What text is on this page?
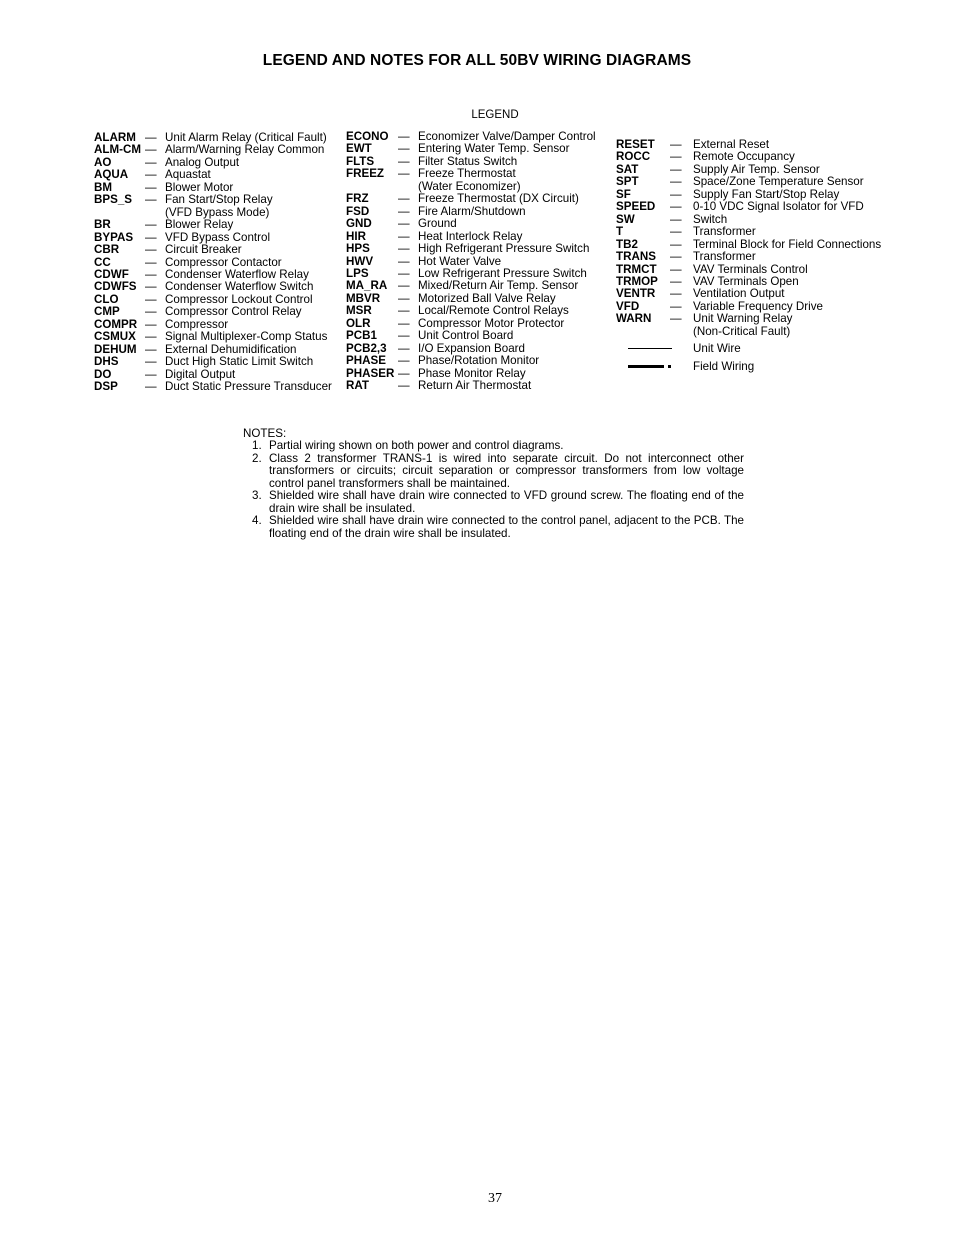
LEGEND AND NOTES FOR ALL 50BV WIRING DIAGRAMS
LEGEND
ALARM — Unit Alarm Relay (Critical Fault)
ALM-CM — Alarm/Warning Relay Common
AO	— Analog Output
AQUA	— Aquastat
BM	— Blower Motor
BPS_S	— Fan Start/Stop Relay
(VFD Bypass Mode)
BR	— Blower Relay
BYPAS	— VFD Bypass Control
CBR	— Circuit Breaker
CC	— Compressor Contactor
CDWF	— Condenser Waterflow Relay
CDWFS — Condenser Waterflow Switch
CLO	— Compressor Lockout Control
CMP	— Compressor Control Relay
COMPR — Compressor
CSMUX — Signal Multiplexer-Comp Status
DEHUM — External Dehumidification
DHS	— Duct High Static Limit Switch
DO	— Digital Output
DSP	— Duct Static Pressure Transducer
ECONO — Economizer Valve/Damper Control
EWT	— Entering Water Temp. Sensor
FLTS	— Filter Status Switch
FREEZ	— Freeze Thermostat
(Water Economizer)
FRZ	— Freeze Thermostat (DX Circuit)
FSD	— Fire Alarm/Shutdown
GND	— Ground
HIR	— Heat Interlock Relay
HPS	— High Refrigerant Pressure Switch
HWV	— Hot Water Valve
LPS	— Low Refrigerant Pressure Switch
MA_RA — Mixed/Return Air Temp. Sensor
MBVR	— Motorized Ball Valve Relay
MSR	— Local/Remote Control Relays
OLR	— Compressor Motor Protector
PCB1	— Unit Control Board
PCB2,3 — I/O Expansion Board
PHASE	— Phase/Rotation Monitor
PHASER — Phase Monitor Relay
RAT	— Return Air Thermostat
RESET	— External Reset
ROCC	— Remote Occupancy
SAT	— Supply Air Temp. Sensor
SPT	— Space/Zone Temperature Sensor
SF	— Supply Fan Start/Stop Relay
SPEED	— 0-10 VDC Signal Isolator for VFD
SW	— Switch
T	— Transformer
TB2	— Terminal Block for Field Connections
TRANS	— Transformer
TRMCT	— VAV Terminals Control
TRMOP	— VAV Terminals Open
VENTR	— Ventilation Output
VFD	— Variable Frequency Drive
WARN	— Unit Warning Relay
(Non-Critical Fault)
Unit Wire
Field Wiring
NOTES:
1. Partial wiring shown on both power and control diagrams.
2. Class 2 transformer TRANS-1 is wired into separate circuit. Do not interconnect other transformers or circuits; circuit separation or compressor transformers from low voltage control panel transformers shall be maintained.
3. Shielded wire shall have drain wire connected to VFD ground screw. The floating end of the drain wire shall be insulated.
4. Shielded wire shall have drain wire connected to the control panel, adjacent to the PCB. The floating end of the drain wire shall be insulated.
37
